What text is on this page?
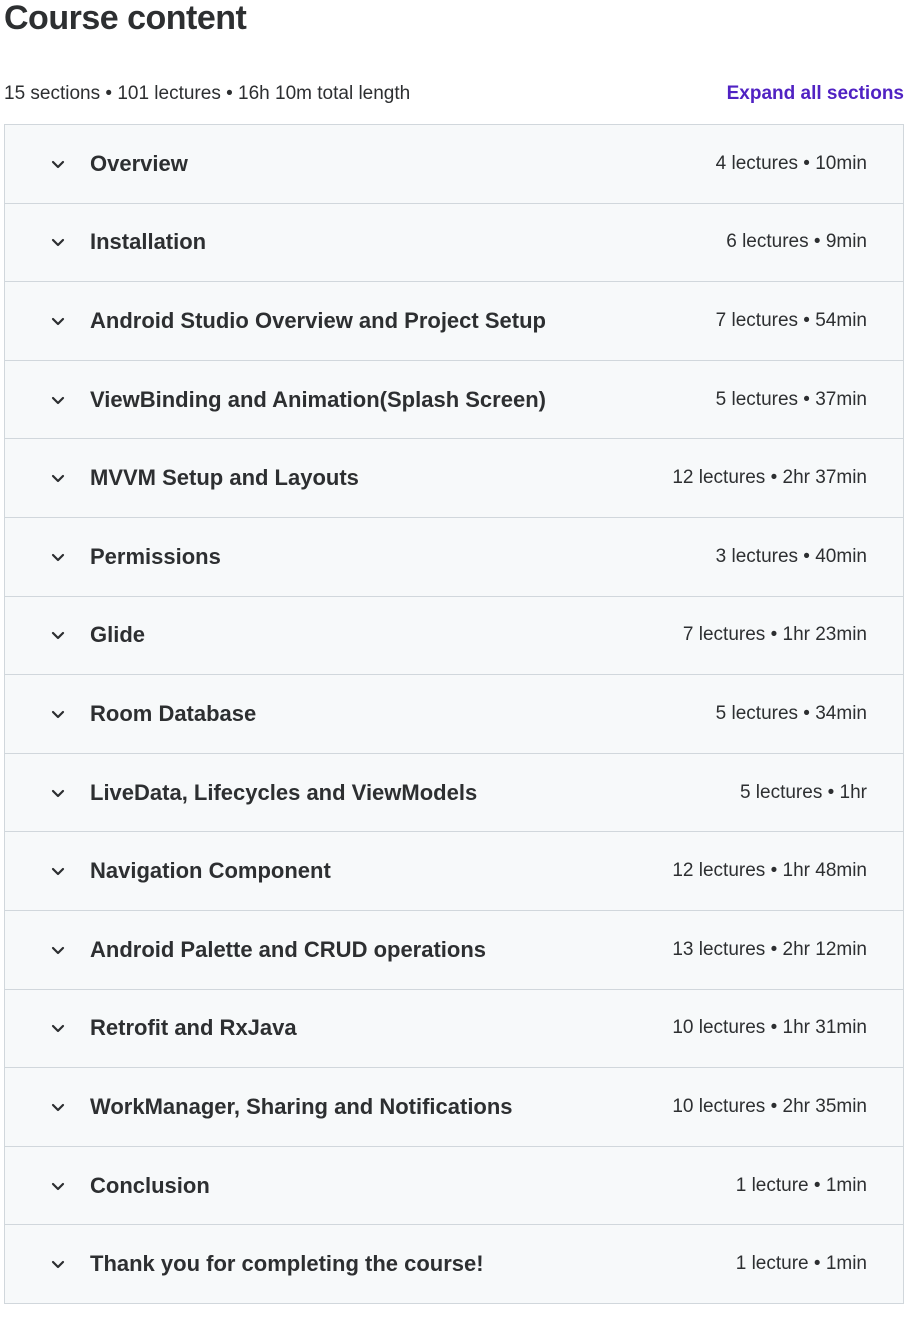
Course content
15 sections • 101 lectures • 16h 10m total length	Expand all sections
Overview	4 lectures • 10min
Installation	6 lectures • 9min
Android Studio Overview and Project Setup	7 lectures • 54min
ViewBinding and Animation(Splash Screen)	5 lectures • 37min
MVVM Setup and Layouts	12 lectures • 2hr 37min
Permissions	3 lectures • 40min
Glide	7 lectures • 1hr 23min
Room Database	5 lectures • 34min
LiveData, Lifecycles and ViewModels	5 lectures • 1hr
Navigation Component	12 lectures • 1hr 48min
Android Palette and CRUD operations	13 lectures • 2hr 12min
Retrofit and RxJava	10 lectures • 1hr 31min
WorkManager, Sharing and Notifications	10 lectures • 2hr 35min
Conclusion	1 lecture • 1min
Thank you for completing the course!	1 lecture • 1min
